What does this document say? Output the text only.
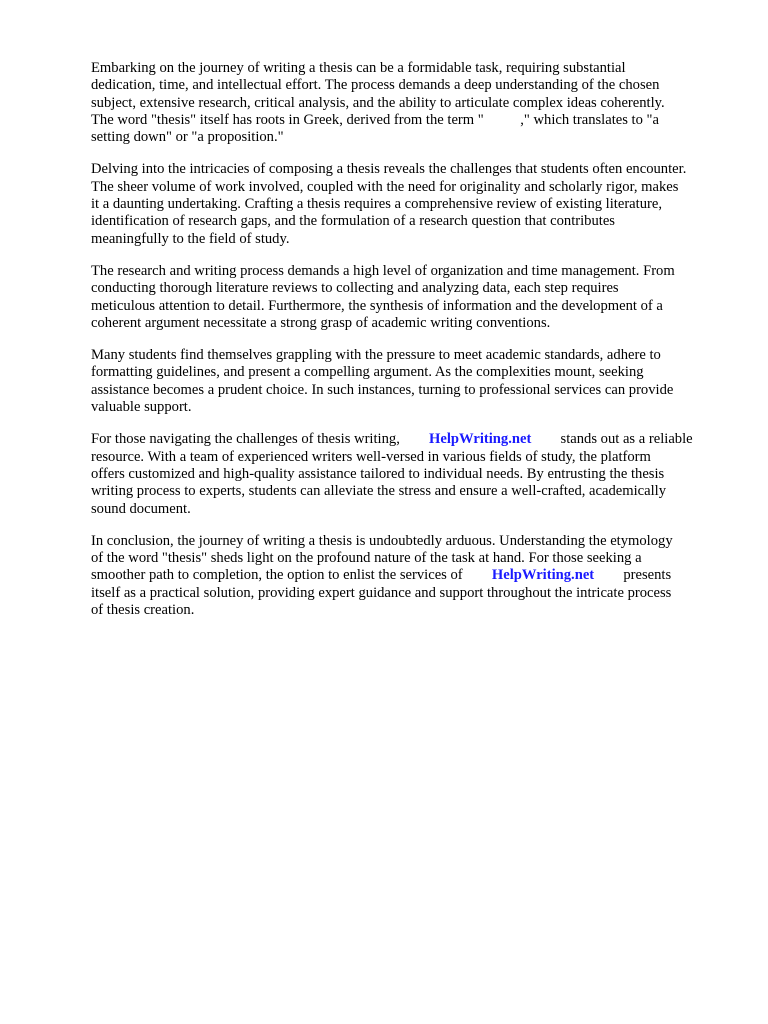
Embarking on the journey of writing a thesis can be a formidable task, requiring substantial
dedication, time, and intellectual effort. The process demands a deep understanding of the chosen
subject, extensive research, critical analysis, and the ability to articulate complex ideas coherently.
The word "thesis" itself has roots in Greek, derived from the term "          ," which translates to "a
setting down" or "a proposition."

Delving into the intricacies of composing a thesis reveals the challenges that students often encounter.
The sheer volume of work involved, coupled with the need for originality and scholarly rigor, makes
it a daunting undertaking. Crafting a thesis requires a comprehensive review of existing literature,
identification of research gaps, and the formulation of a research question that contributes
meaningfully to the field of study.

The research and writing process demands a high level of organization and time management. From
conducting thorough literature reviews to collecting and analyzing data, each step requires
meticulous attention to detail. Furthermore, the synthesis of information and the development of a
coherent argument necessitate a strong grasp of academic writing conventions.

Many students find themselves grappling with the pressure to meet academic standards, adhere to
formatting guidelines, and present a compelling argument. As the complexities mount, seeking
assistance becomes a prudent choice. In such instances, turning to professional services can provide
valuable support.

For those navigating the challenges of thesis writing,        HelpWriting.net        stands out as a reliable
resource. With a team of experienced writers well-versed in various fields of study, the platform
offers customized and high-quality assistance tailored to individual needs. By entrusting the thesis
writing process to experts, students can alleviate the stress and ensure a well-crafted, academically
sound document.

In conclusion, the journey of writing a thesis is undoubtedly arduous. Understanding the etymology
of the word "thesis" sheds light on the profound nature of the task at hand. For those seeking a
smoother path to completion, the option to enlist the services of        HelpWriting.net        presents
itself as a practical solution, providing expert guidance and support throughout the intricate process
of thesis creation.
